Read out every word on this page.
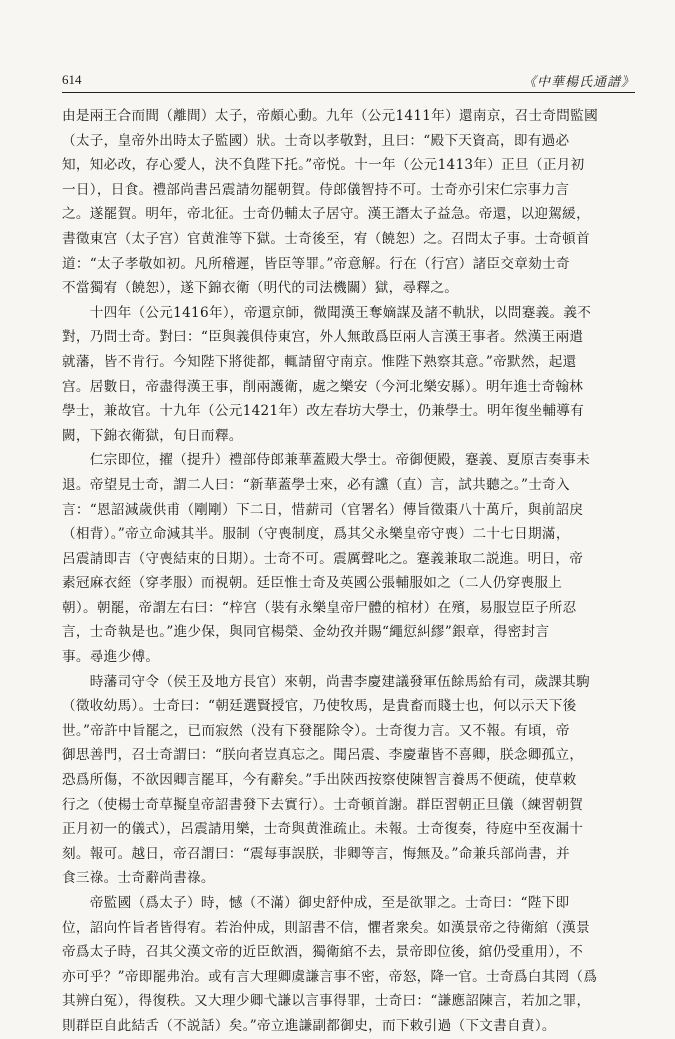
614	《中華楊氏通譜》
由是兩王合而間（離間）太子，帝頗心動。九年（公元1411年）還南京，召士奇問監國
（太子，皇帝外出時太子監國）狀。士奇以孝敬對，且曰：“殿下天資高，即有過必
知，知必改，存心愛人，決不負陛下托。”帝悦。十一年（公元1413年）正旦（正月初
一日），日食。禮部尚書呂震請勿罷朝賀。侍郎儀智持不可。士奇亦引宋仁宗事力言
之。遂罷賀。明年，帝北征。士奇仍輔太子居守。漢王譖太子益急。帝還，以迎駕緩，
書徵東宫（太子宫）官黄淮等下獄。士奇後至，宥（饒恕）之。召問太子事。士奇頓首
道：“太子孝敬如初。凡所稽遲，皆臣等罪。”帝意解。行在（行宫）諸臣交章劾士奇
不當獨宥（饒恕），遂下錦衣衛（明代的司法機關）獄，尋釋之。
　　十四年（公元1416年），帝還京師，微聞漢王奪嫡謀及諸不軌狀，以問蹇義。義不
對，乃問士奇。對曰：“臣與義俱侍東宫，外人無敢爲臣兩人言漢王事者。然漢王兩遣
就藩，皆不肯行。今知陛下將徙都，輒請留守南京。惟陛下熟察其意。”帝默然，起還
宫。居數日，帝盡得漢王事，削兩護衛，處之樂安（今河北樂安縣）。明年進士奇翰林
學士，兼故官。十九年（公元1421年）改左春坊大學士，仍兼學士。明年復坐輔導有
闕，下錦衣衛獄，旬日而釋。
　　仁宗即位，擢（提升）禮部侍郎兼華蓋殿大學士。帝御便殿，蹇義、夏原吉奏事未
退。帝望見士奇，謂二人曰：“新華蓋學士來，必有讜（直）言，試共聽之。”士奇入
言：“恩詔減歲供甫（剛剛）下二日，惜薪司（官署名）傳旨徵棗八十萬斤，與前詔戾
（相背）。”帝立命減其半。服制（守喪制度，爲其父永樂皇帝守喪）二十七日期滿，
呂震請即吉（守喪結束的日期）。士奇不可。震厲聲叱之。蹇義兼取二説進。明日，帝
素冠麻衣絰（穿孝服）而視朝。廷臣惟士奇及英國公張輔服如之（二人仍穿喪服上
朝）。朝罷，帝謂左右曰：“梓宫（裝有永樂皇帝尸體的棺材）在殯，易服豈臣子所忍
言，士奇執是也。”進少保，與同官楊榮、金幼孜并賜“繩愆糾繆”銀章，得密封言
事。尋進少傅。
　　時藩司守令（侯王及地方長官）來朝，尚書李慶建議發軍伍餘馬給有司，歲課其駒
（徵收幼馬）。士奇曰：“朝廷選賢授官，乃使牧馬，是貴畜而賤士也，何以示天下後
世。”帝許中旨罷之，已而寂然（没有下發罷除令）。士奇復力言。又不報。有頃，帝
御思善門，召士奇謂曰：“朕向者豈真忘之。聞呂震、李慶輩皆不喜卿，朕念卿孤立，
恐爲所傷，不欲因卿言罷耳，今有辭矣。”手出陝西按察使陳智言養馬不便疏，使草敕
行之（使楊士奇草擬皇帝詔書發下去實行）。士奇頓首謝。群臣習朝正旦儀（練習朝賀
正月初一的儀式），呂震請用樂，士奇與黄淮疏止。未報。士奇復奏，待庭中至夜漏十
刻。報可。越日，帝召謂曰：“震每事誤朕，非卿等言，悔無及。”命兼兵部尚書，并
食三祿。士奇辭尚書祿。
　　帝監國（爲太子）時，憾（不滿）御史舒仲成，至是欲罪之。士奇曰：“陛下即
位，詔向忤旨者皆得宥。若治仲成，則詔書不信，懼者衆矣。如漢景帝之待衛綰（漢景
帝爲太子時，召其父漢文帝的近臣飲酒，獨衛綰不去，景帝即位後，綰仍受重用），不
亦可乎？”帝即罷弗治。或有言大理卿虞謙言事不密，帝怒，降一官。士奇爲白其罔（爲
其辨白冤），得復秩。又大理少卿弋謙以言事得罪，士奇曰：“謙應詔陳言，若加之罪，
則群臣自此結舌（不説話）矣。”帝立進謙副都御史，而下敕引過（下文書自責）。
